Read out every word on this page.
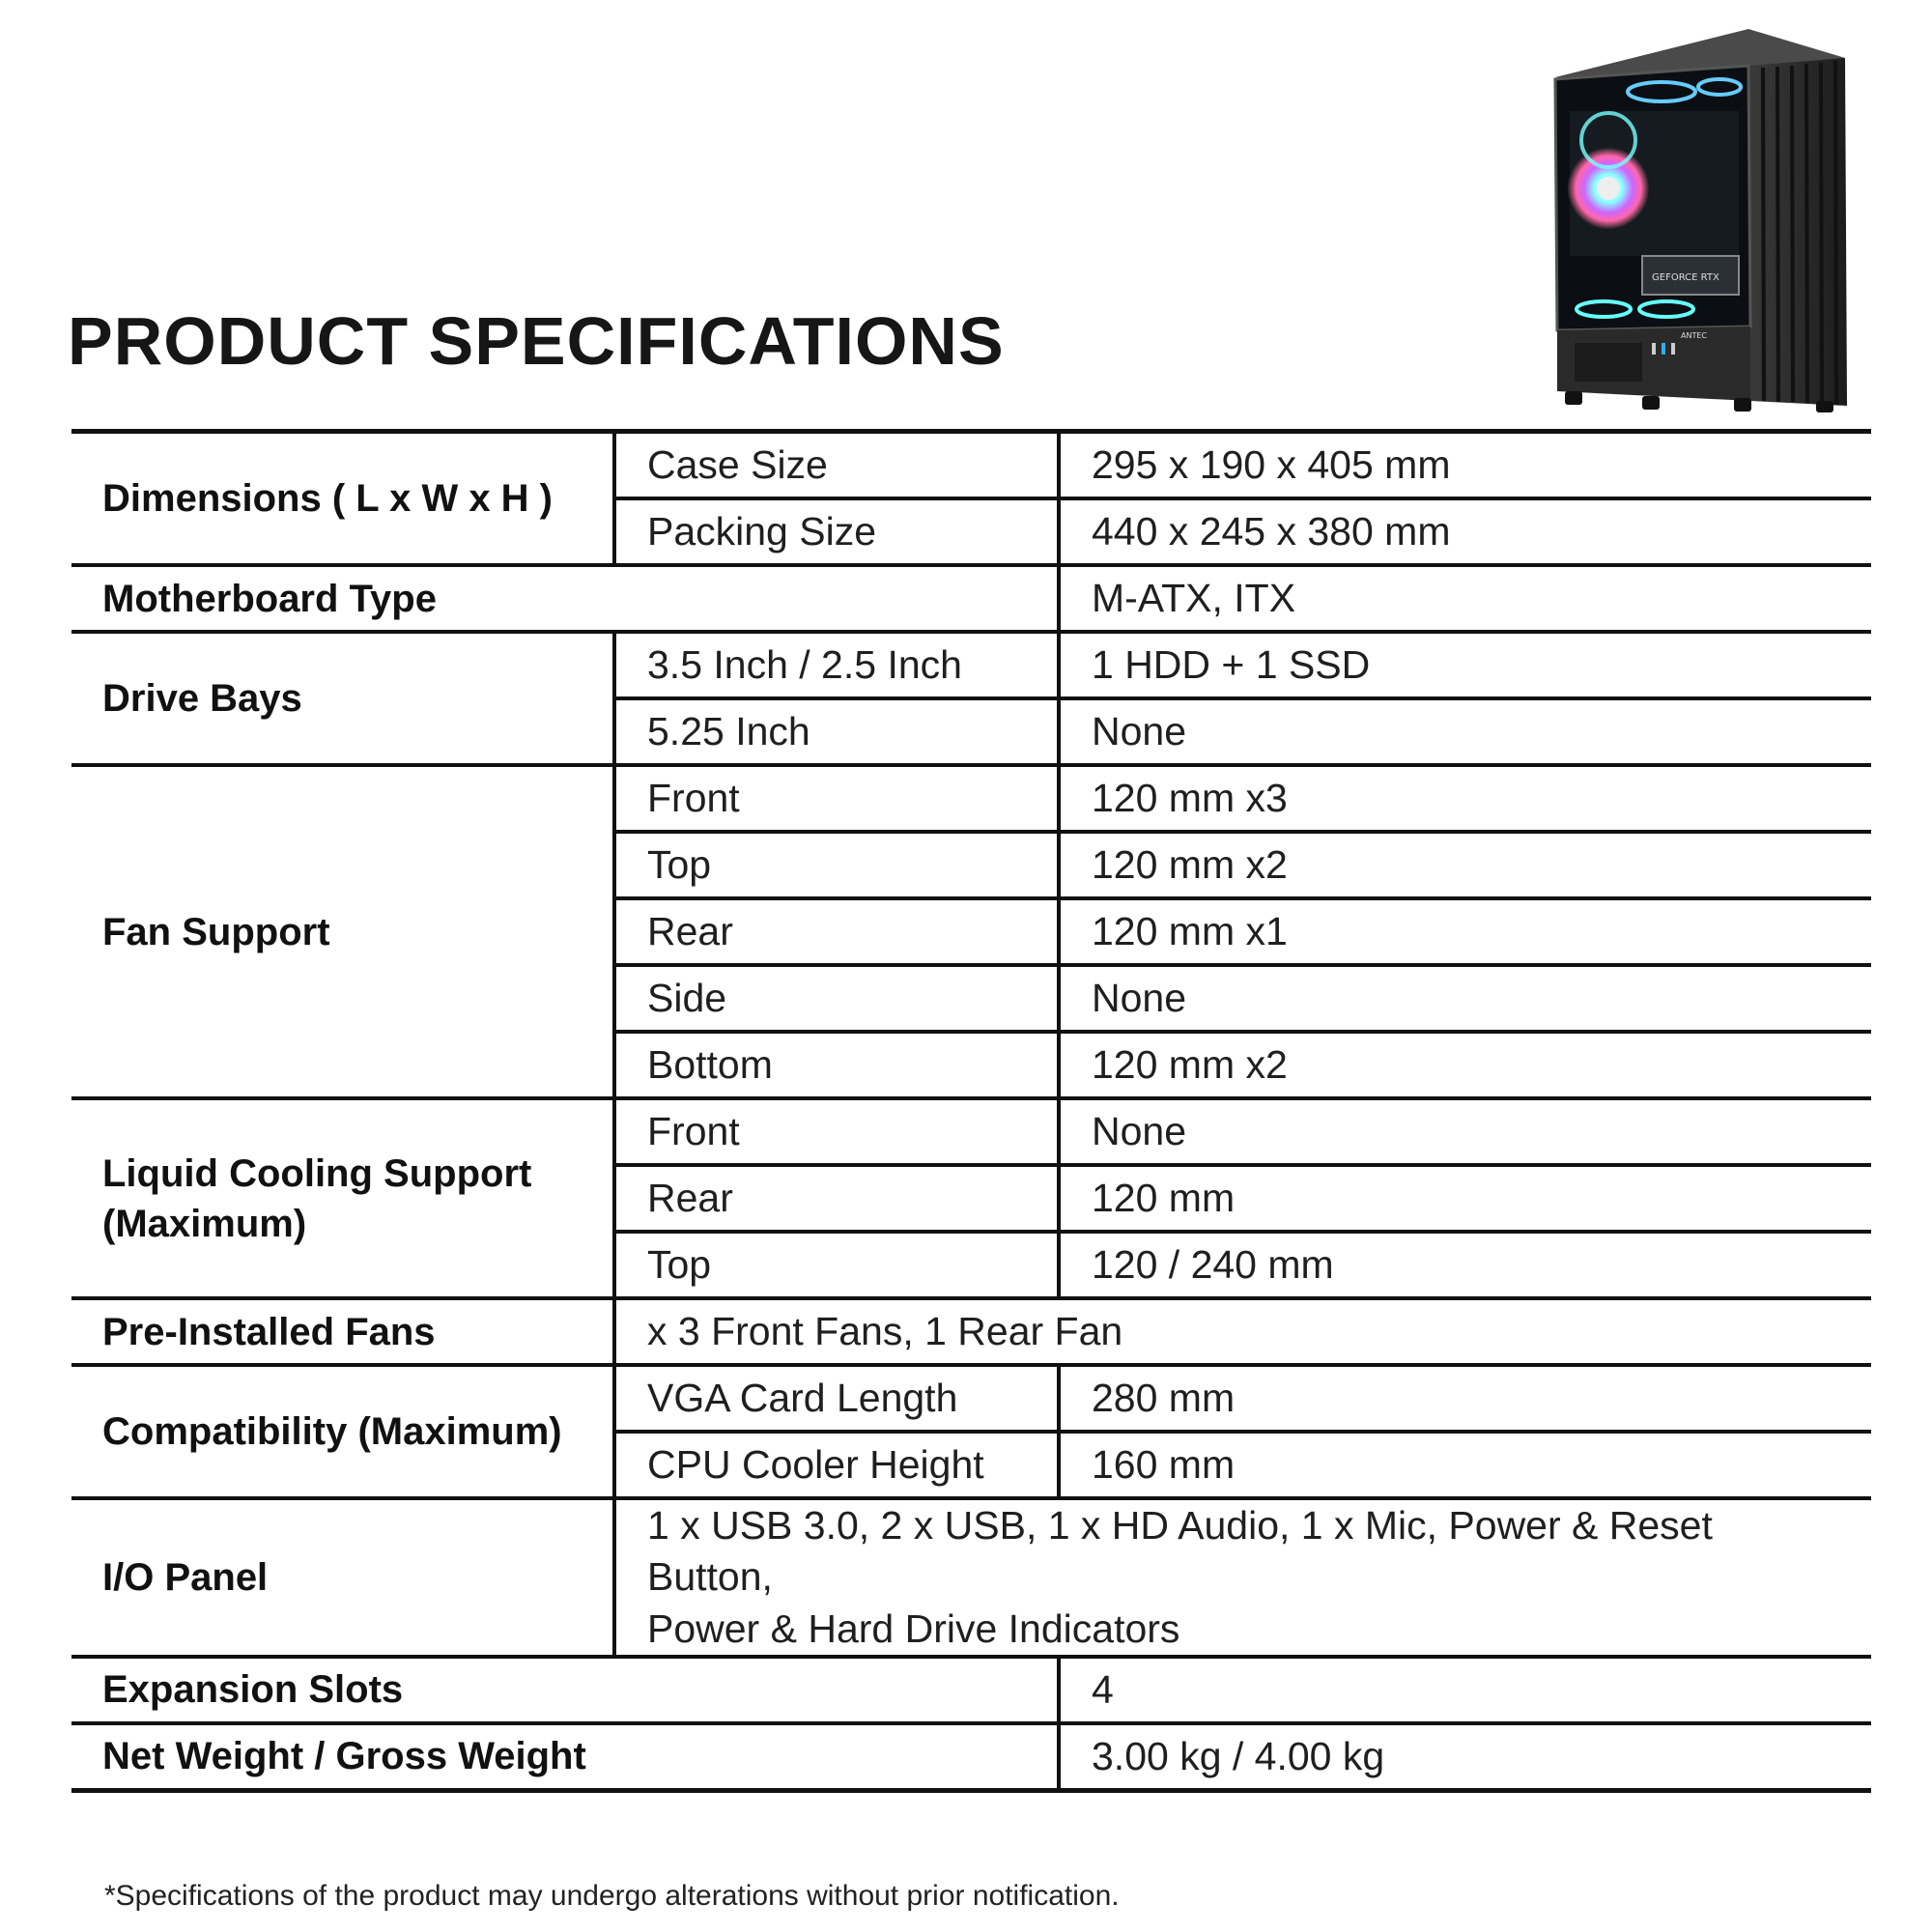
PRODUCT SPECIFICATIONS
GEFORCE RTX
ANTEC
Dimensions ( L x W x H )	Case Size	295 x 190 x 405 mm
	Packing Size	440 x 245 x 380 mm
Motherboard Type		M-ATX, ITX
Drive Bays	3.5 Inch / 2.5 Inch	1 HDD + 1 SSD
	5.25 Inch	None
Fan Support	Front	120 mm x3
	Top	120 mm x2
	Rear	120 mm x1
	Side	None
	Bottom	120 mm x2

Liquid Cooling Support
(Maximum)	Front	None
	Rear	120 mm
	Top	120 / 240 mm
Pre-Installed Fans	x 3 Front Fans, 1 Rear Fan	
Compatibility (Maximum)	VGA Card Length	280 mm
	CPU Cooler Height	160 mm
I/O Panel	1 x USB 3.0, 2 x USB, 1 x HD Audio, 1 x Mic, Power & Reset Button,
Power & Hard Drive Indicators	

Expansion Slots		4
Net Weight / Gross Weight		3.00 kg / 4.00 kg
*Specifications of the product may undergo alterations without prior notification.
